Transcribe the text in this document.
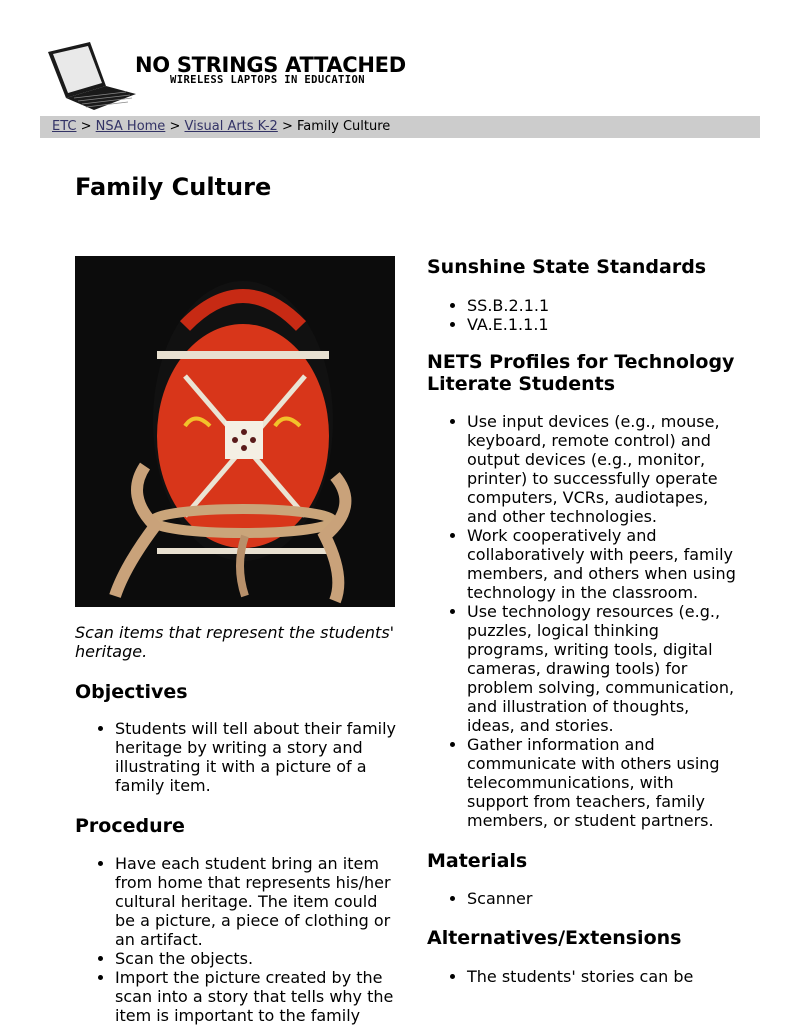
NO STRINGS ATTACHED
WIRELESS LAPTOPS IN EDUCATION
ETC > NSA Home > Visual Arts K-2 > Family Culture
Family Culture

Scan items that represent the students' heritage.

Objectives
• Students will tell about their family heritage by writing a story and illustrating it with a picture of a family item.
Procedure
• Have each student bring an item from home that represents his/her cultural heritage. The item could be a picture, a piece of clothing or an artifact.
• Scan the objects.
• Import the picture created by the scan into a story that tells why the item is important to the family
Sunshine State Standards
• SS.B.2.1.1
• VA.E.1.1.1
NETS Profiles for Technology Literate Students
• Use input devices (e.g., mouse, keyboard, remote control) and output devices (e.g., monitor, printer) to successfully operate computers, VCRs, audiotapes, and other technologies.
• Work cooperatively and collaboratively with peers, family members, and others when using technology in the classroom.
• Use technology resources (e.g., puzzles, logical thinking programs, writing tools, digital cameras, drawing tools) for problem solving, communication, and illustration of thoughts, ideas, and stories.
• Gather information and communicate with others using telecommunications, with support from teachers, family members, or student partners.
Materials
• Scanner
Alternatives/Extensions
• The students' stories can be
